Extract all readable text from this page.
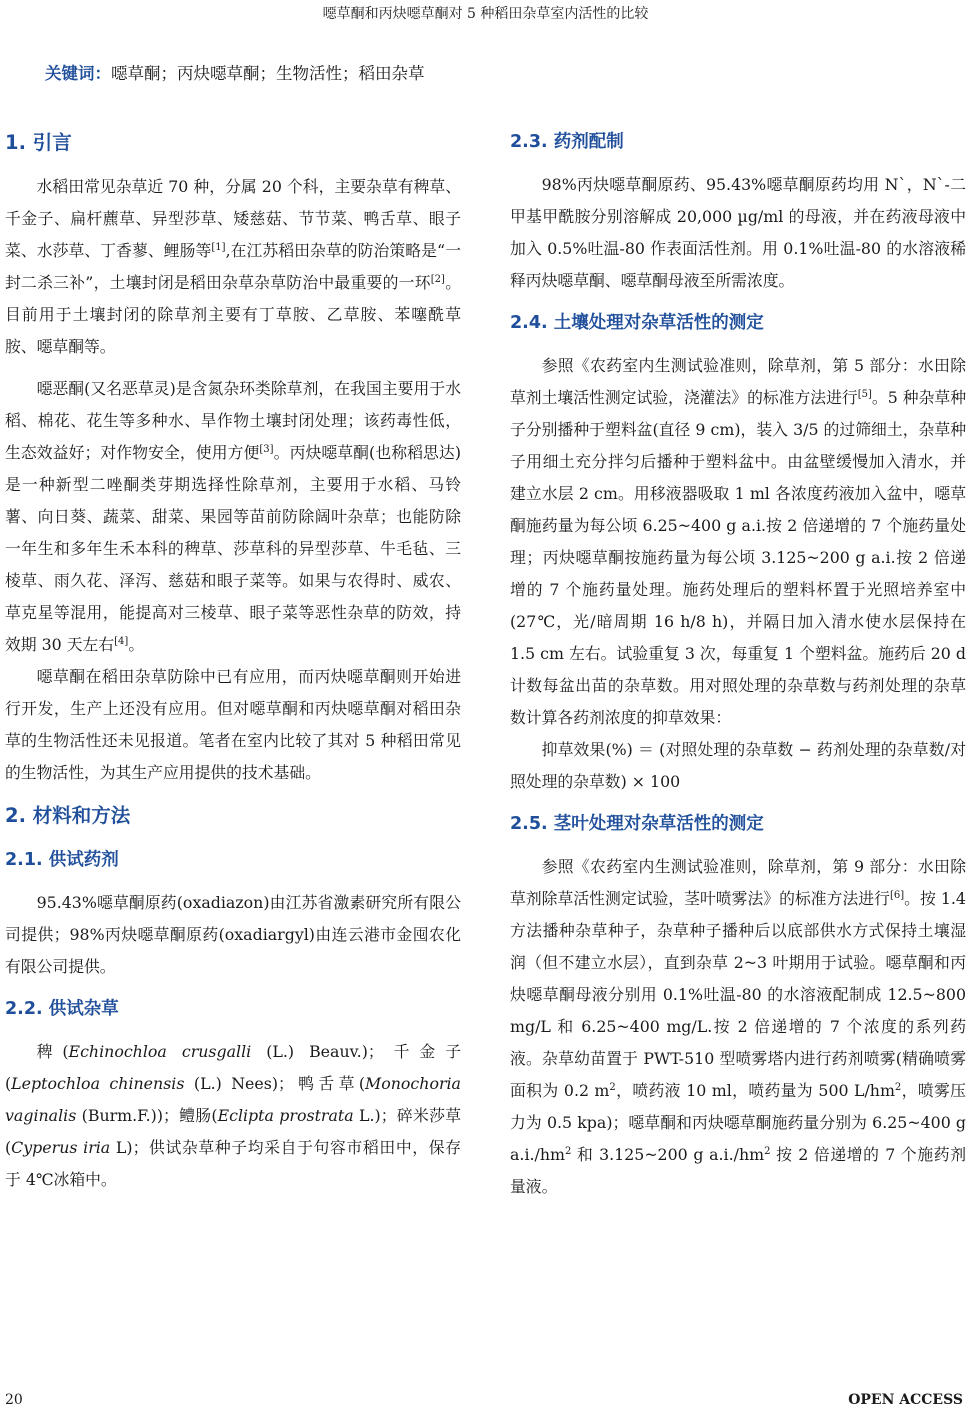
噁草酮和丙炔噁草酮对 5 种稻田杂草室内活性的比较
关键词：噁草酮；丙炔噁草酮；生物活性；稻田杂草
1. 引言

水稻田常见杂草近 70 种，分属 20 个科，主要杂草有稗草、千金子、扁杆藨草、异型莎草、矮慈菇、节节菜、鸭舌草、眼子菜、水莎草、丁香蓼、鲤肠等[1],在江苏稻田杂草的防治策略是“一封二杀三补”，土壤封闭是稻田杂草杂草防治中最重要的一环[2]。目前用于土壤封闭的除草剂主要有丁草胺、乙草胺、苯噻酰草胺、噁草酮等。

噁恶酮(又名恶草灵)是含氮杂环类除草剂，在我国主要用于水稻、棉花、花生等多种水、旱作物土壤封闭处理；该药毒性低，生态效益好；对作物安全，使用方便[3]。丙炔噁草酮(也称稻思达)是一种新型二唑酮类芽期选择性除草剂，主要用于水稻、马铃薯、向日葵、蔬菜、甜菜、果园等苗前防除阔叶杂草；也能防除一年生和多年生禾本科的稗草、莎草科的异型莎草、牛毛毡、三棱草、雨久花、泽泻、慈菇和眼子菜等。如果与农得时、威农、草克星等混用，能提高对三棱草、眼子菜等恶性杂草的防效，持效期 30 天左右[4]。

噁草酮在稻田杂草防除中已有应用，而丙炔噁草酮则开始进行开发，生产上还没有应用。但对噁草酮和丙炔噁草酮对稻田杂草的生物活性还未见报道。笔者在室内比较了其对 5 种稻田常见的生物活性，为其生产应用提供的技术基础。

2. 材料和方法
2.1. 供试药剂

95.43%噁草酮原药(oxadiazon)由江苏省激素研究所有限公司提供；98%丙炔噁草酮原药(oxadiargyl)由连云港市金囤农化有限公司提供。

2.2. 供试杂草

稗(Echinochloa crusgalli (L.) Beauv.)；千金子(Leptochloa chinensis (L.) Nees)；鸭舌草(Monochoria vaginalis (Burm.F.))；鳢肠(Eclipta prostrata L.)；碎米莎草(Cyperus iria L)；供试杂草种子均采自于句容市稻田中，保存于 4℃冰箱中。

2.3. 药剂配制

98%丙炔噁草酮原药、95.43%噁草酮原药均用 N`，N`-二甲基甲酰胺分别溶解成 20,000 µg/ml 的母液，并在药液母液中加入 0.5%吐温-80 作表面活性剂。用 0.1%吐温-80 的水溶液稀释丙炔噁草酮、噁草酮母液至所需浓度。

2.4. 土壤处理对杂草活性的测定

参照《农药室内生测试验准则，除草剂，第 5 部分：水田除草剂土壤活性测定试验，浇灌法》的标准方法进行[5]。5 种杂草种子分别播种于塑料盆(直径 9 cm)，装入 3/5 的过筛细土，杂草种子用细土充分拌匀后播种于塑料盆中。由盆壁缓慢加入清水，并建立水层 2 cm。用移液器吸取 1 ml 各浓度药液加入盆中，噁草酮施药量为每公顷 6.25~400 g a.i.按 2 倍递增的 7 个施药量处理；丙炔噁草酮按施药量为每公顷 3.125~200 g a.i.按 2 倍递增的 7 个施药量处理。施药处理后的塑料杯置于光照培养室中(27℃，光/暗周期 16 h/8 h)，并隔日加入清水使水层保持在 1.5 cm 左右。试验重复 3 次，每重复 1 个塑料盆。施药后 20 d 计数每盆出苗的杂草数。用对照处理的杂草数与药剂处理的杂草数计算各药剂浓度的抑草效果：

抑草效果(%) ＝ (对照处理的杂草数 − 药剂处理的杂草数/对照处理的杂草数) × 100

2.5. 茎叶处理对杂草活性的测定

参照《农药室内生测试验准则，除草剂，第 9 部分：水田除草剂除草活性测定试验，茎叶喷雾法》的标准方法进行[6]。按 1.4 方法播种杂草种子，杂草种子播种后以底部供水方式保持土壤湿润（但不建立水层），直到杂草 2~3 叶期用于试验。噁草酮和丙炔噁草酮母液分别用 0.1%吐温-80 的水溶液配制成 12.5~800 mg/L 和 6.25~400 mg/L.按 2 倍递增的 7 个浓度的系列药液。杂草幼苗置于 PWT-510 型喷雾塔内进行药剂喷雾(精确喷雾面积为 0.2 $m^2$，喷药液 10 ml，喷药量为 500 $L/hm^2$，喷雾压力为 0.5 kpa)；噁草酮和丙炔噁草酮施药量分别为 6.25~400 g $a.i./hm^2$ 和 3.125~200 g $a.i./hm^2$ 按 2 倍递增的 7 个施药剂量液。

20	OPEN ACCESS
